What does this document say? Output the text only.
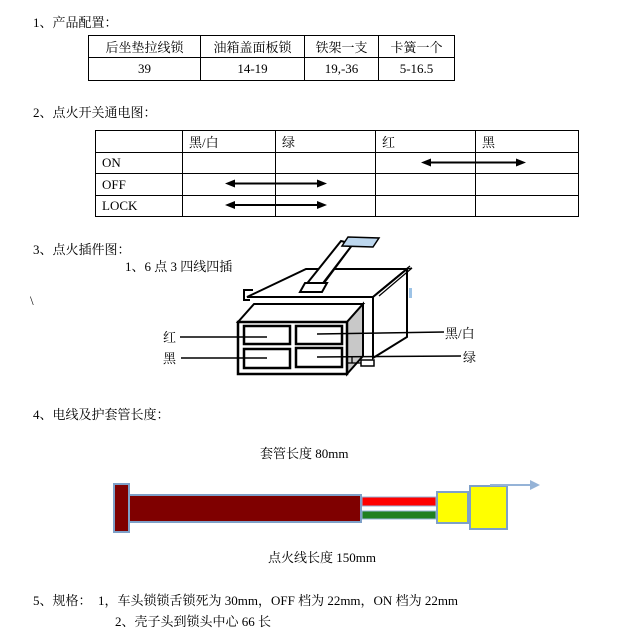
1、产品配置：
后坐垫拉线锁	油箱盖面板锁	铁架一支	卡簧一个
39	14-19	19,-36	5-16.5
2、点火开关通电图：
	黑/白	绿	红	黑
ON				
OFF				
LOCK				
3、点火插件图：
1、6 点 3 四线四插
\
红
黑
黑/白
绿
4、电线及护套管长度：
套管长度 80mm
点火线长度 150mm
5、规格： 1，车头锁锁舌锁死为 30mm，OFF 档为 22mm，ON 档为 22mm
2、壳子头到锁头中心 66 长
